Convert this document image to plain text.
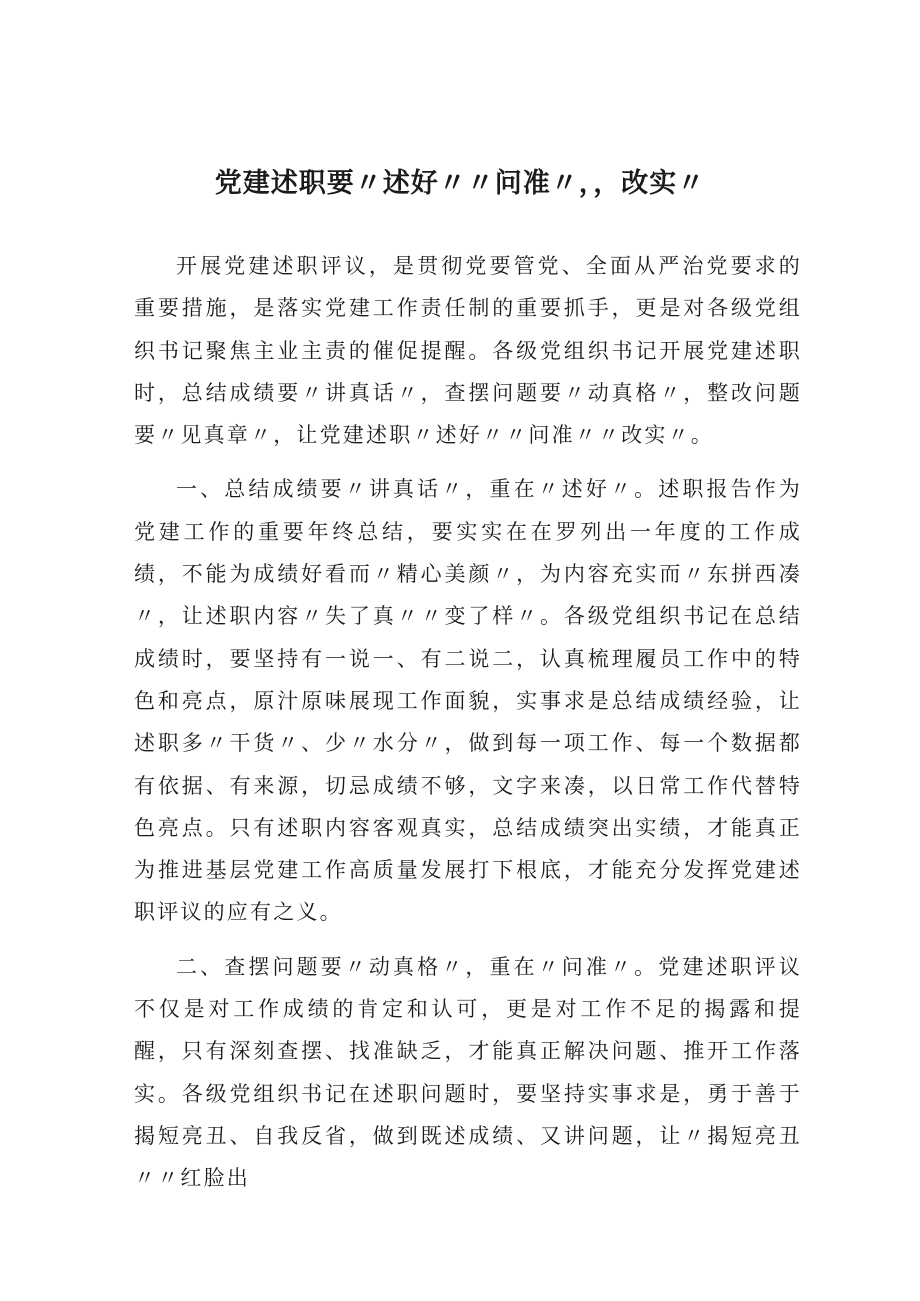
党建述职要〃述好〃〃问准〃，，改实〃

开展党建述职评议，是贯彻党要管党、全面从严治党要求的重要措施，是落实党建工作责任制的重要抓手，更是对各级党组织书记聚焦主业主责的催促提醒。各级党组织书记开展党建述职时，总结成绩要〃讲真话〃，查摆问题要〃动真格〃，整改问题要〃见真章〃，让党建述职〃述好〃〃问准〃〃改实〃。

一、总结成绩要〃讲真话〃，重在〃述好〃。述职报告作为党建工作的重要年终总结，要实实在在罗列出一年度的工作成绩，不能为成绩好看而〃精心美颜〃，为内容充实而〃东拼西凑〃，让述职内容〃失了真〃〃变了样〃。各级党组织书记在总结成绩时，要坚持有一说一、有二说二，认真梳理履员工作中的特色和亮点，原汁原味展现工作面貌，实事求是总结成绩经验，让述职多〃干货〃、少〃水分〃，做到每一项工作、每一个数据都有依据、有来源，切忌成绩不够，文字来凑，以日常工作代替特色亮点。只有述职内容客观真实，总结成绩突出实绩，才能真正为推进基层党建工作高质量发展打下根底，才能充分发挥党建述职评议的应有之义。

二、查摆问题要〃动真格〃，重在〃问准〃。党建述职评议不仅是对工作成绩的肯定和认可，更是对工作不足的揭露和提醒，只有深刻查摆、找准缺乏，才能真正解决问题、推开工作落实。各级党组织书记在述职问题时，要坚持实事求是，勇于善于揭短亮丑、自我反省，做到既述成绩、又讲问题，让〃揭短亮丑〃〃红脸出
